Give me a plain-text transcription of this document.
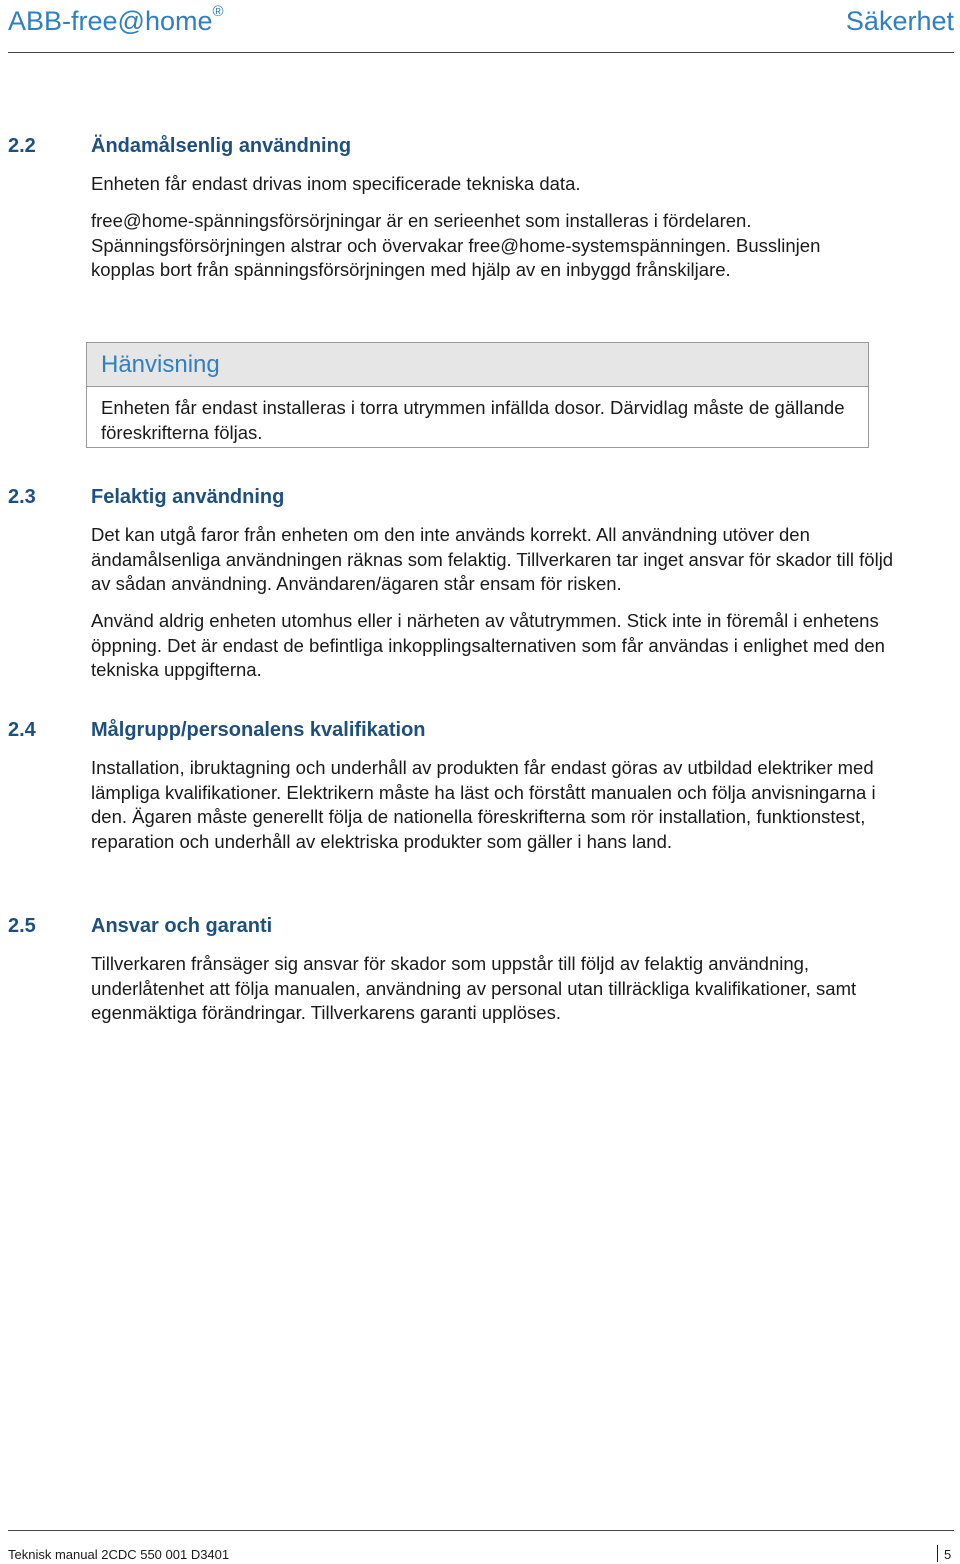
ABB-free@home®	Säkerhet
2.2	Ändamålsenlig användning

Enheten får endast drivas inom specificerade tekniska data.

free@home-spänningsförsörjningar är en serieenhet som installeras i fördelaren. Spänningsförsörjningen alstrar och övervakar free@home-systemspänningen. Busslinjen kopplas bort från spänningsförsörjningen med hjälp av en inbyggd frånskiljare.

Hänvisning
Enheten får endast installeras i torra utrymmen infällda dosor. Därvidlag måste de gällande föreskrifterna följas.
2.3	Felaktig användning

Det kan utgå faror från enheten om den inte används korrekt. All användning utöver den ändamålsenliga användningen räknas som felaktig. Tillverkaren tar inget ansvar för skador till följd av sådan användning. Användaren/ägaren står ensam för risken.

Använd aldrig enheten utomhus eller i närheten av våtutrymmen. Stick inte in föremål i enhetens öppning. Det är endast de befintliga inkopplingsalternativen som får användas i enlighet med den tekniska uppgifterna.

2.4	Målgrupp/personalens kvalifikation

Installation, ibruktagning och underhåll av produkten får endast göras av utbildad elektriker med lämpliga kvalifikationer. Elektrikern måste ha läst och förstått manualen och följa anvisningarna i den. Ägaren måste generellt följa de nationella föreskrifterna som rör installation, funktionstest, reparation och underhåll av elektriska produkter som gäller i hans land.

2.5	Ansvar och garanti

Tillverkaren frånsäger sig ansvar för skador som uppstår till följd av felaktig användning, underlåtenhet att följa manualen, användning av personal utan tillräckliga kvalifikationer, samt egenmäktiga förändringar. Tillverkarens garanti upplöses.

Teknisk manual 2CDC 550 001 D3401	5
